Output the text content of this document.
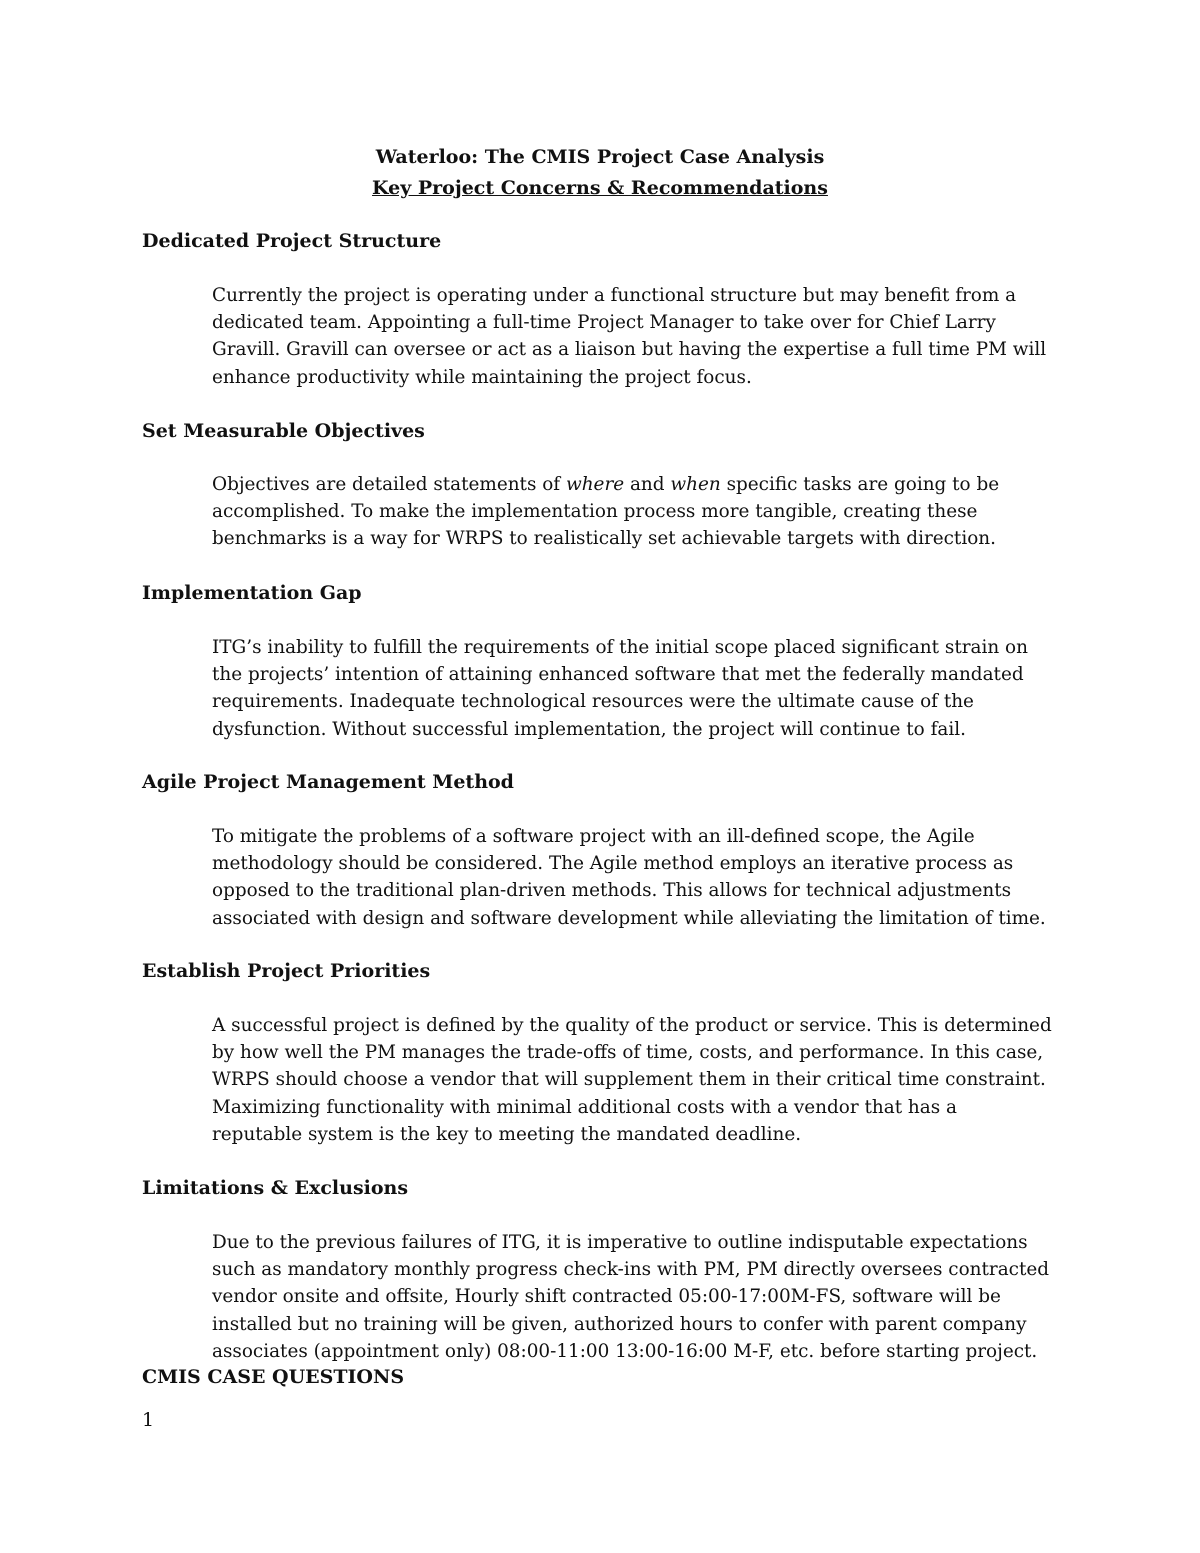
Waterloo: The CMIS Project Case Analysis
Key Project Concerns & Recommendations
Dedicated Project Structure
Currently the project is operating under a functional structure but may benefit from a
dedicated team. Appointing a full-time Project Manager to take over for Chief Larry
Gravill. Gravill can oversee or act as a liaison but having the expertise a full time PM will
enhance productivity while maintaining the project focus.
Set Measurable Objectives
Objectives are detailed statements of where and when specific tasks are going to be
accomplished. To make the implementation process more tangible, creating these
benchmarks is a way for WRPS to realistically set achievable targets with direction.
Implementation Gap
ITG’s inability to fulfill the requirements of the initial scope placed significant strain on
the projects’ intention of attaining enhanced software that met the federally mandated
requirements. Inadequate technological resources were the ultimate cause of the
dysfunction. Without successful implementation, the project will continue to fail.
Agile Project Management Method
To mitigate the problems of a software project with an ill-defined scope, the Agile
methodology should be considered. The Agile method employs an iterative process as
opposed to the traditional plan-driven methods. This allows for technical adjustments
associated with design and software development while alleviating the limitation of time.
Establish Project Priorities
A successful project is defined by the quality of the product or service. This is determined
by how well the PM manages the trade-offs of time, costs, and performance. In this case,
WRPS should choose a vendor that will supplement them in their critical time constraint.
Maximizing functionality with minimal additional costs with a vendor that has a
reputable system is the key to meeting the mandated deadline.
Limitations & Exclusions
Due to the previous failures of ITG, it is imperative to outline indisputable expectations
such as mandatory monthly progress check-ins with PM, PM directly oversees contracted
vendor onsite and offsite, Hourly shift contracted 05:00-17:00M-FS, software will be
installed but no training will be given, authorized hours to confer with parent company
associates (appointment only) 08:00-11:00 13:00-16:00 M-F, etc. before starting project.
CMIS CASE QUESTIONS
1
